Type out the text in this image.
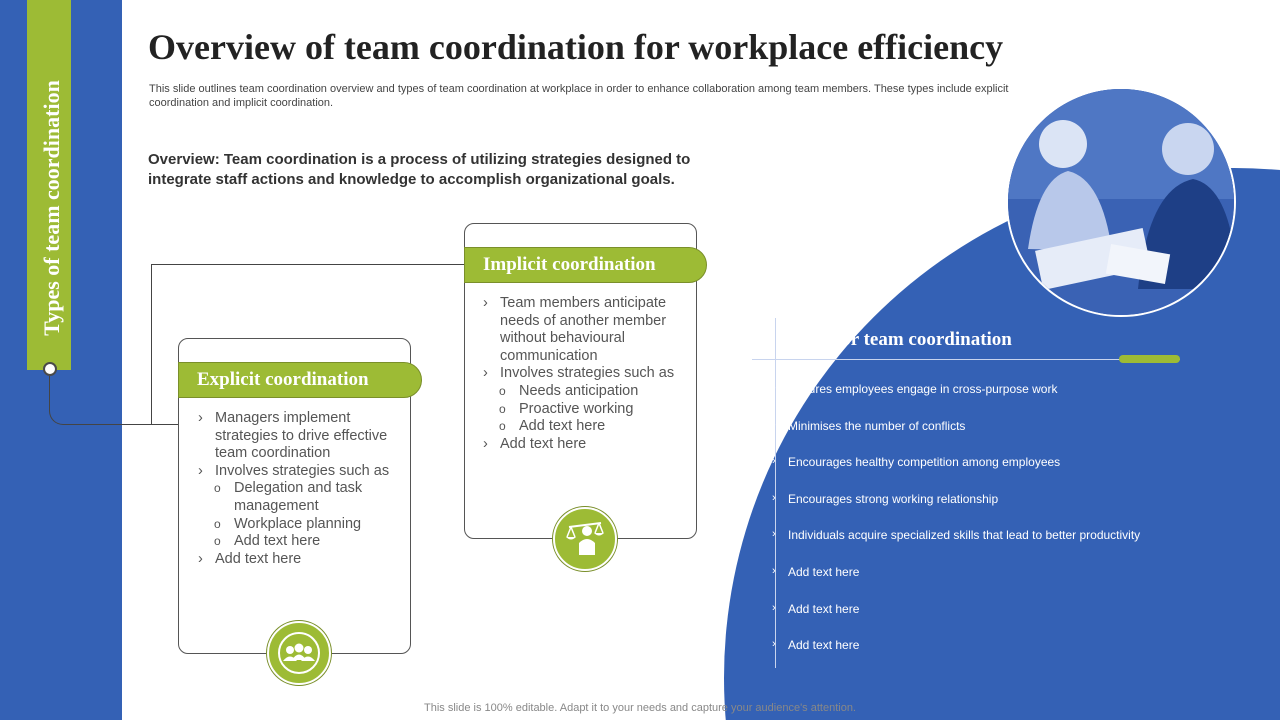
Types of team coordination
Overview of team coordination for workplace efficiency

This slide outlines team coordination overview and types of team coordination at workplace in order to enhance collaboration among team members. These types include explicit coordination and implicit coordination.

Overview: Team coordination is a process of utilizing strategies designed to integrate staff actions and knowledge to accomplish organizational goals.

Explicit coordination
› Managers implement
strategies to drive effective
team coordination
› Involves strategies such as
o Delegation and task
management
o Workplace planning
o Add text here
› Add text here
Implicit coordination
› Team members anticipate
needs of another member
without behavioural
communication
› Involves strategies such as
o Needs anticipation
o Proactive working
o Add text here
› Add text here
Need for team coordination
› Ensures employees engage in cross-purpose work
› Minimises the number of conflicts
› Encourages healthy competition among employees
› Encourages strong working relationship
› Individuals acquire specialized skills that lead to better productivity
› Add text here
› Add text here
› Add text here
This slide is 100% editable. Adapt it to your needs and capture your audience's attention.
